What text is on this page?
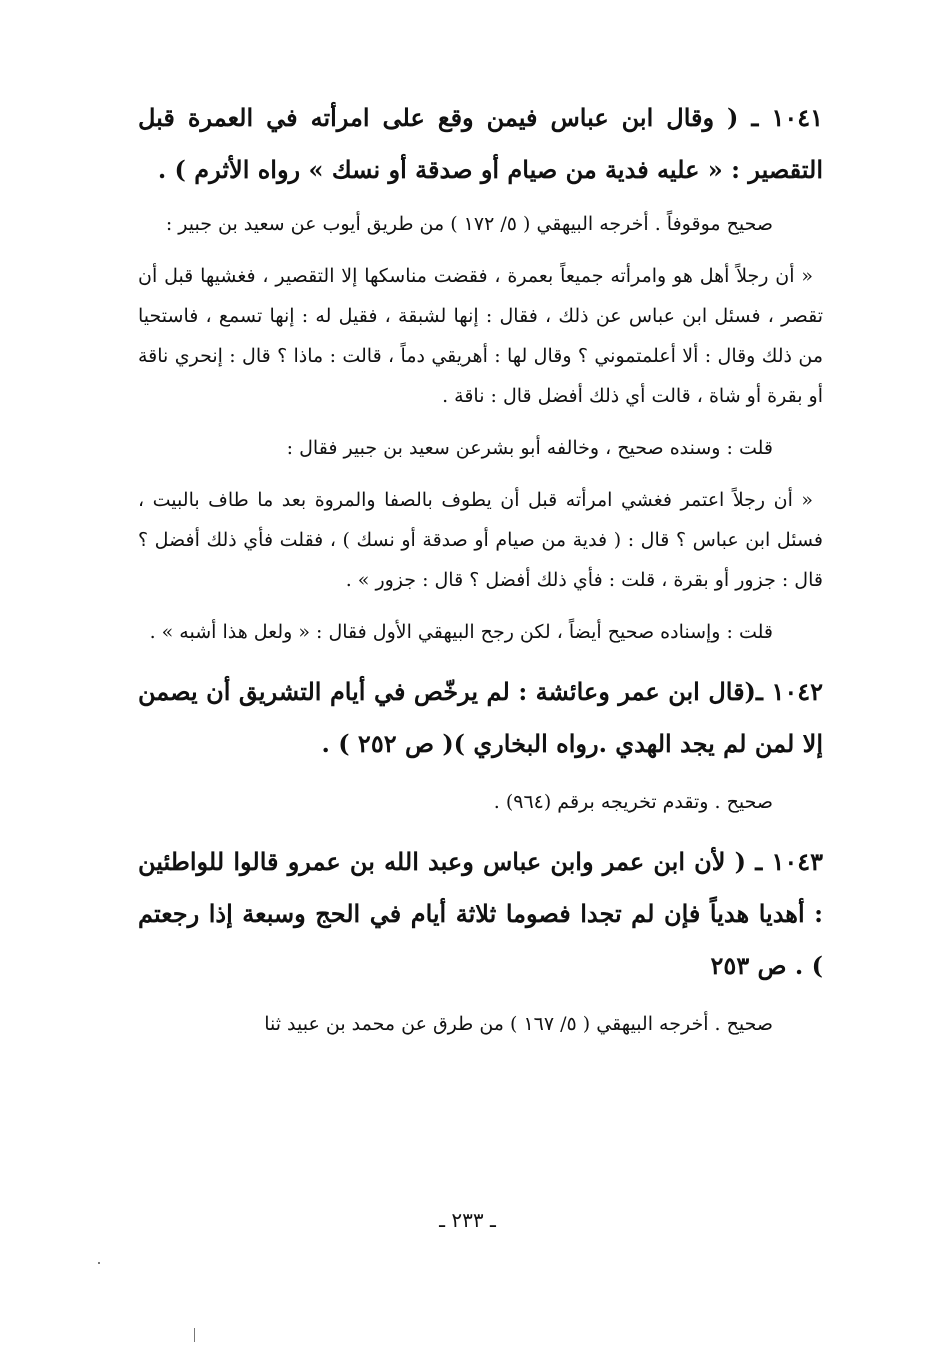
١٠٤١ ـ ( وقال ابن عباس فيمن وقع على امرأته في العمرة قبل التقصير : « عليه فدية من صيام أو صدقة أو نسك » رواه الأثرم ) .

صحيح موقوفاً . أخرجه البيهقي ( ٥/ ١٧٢ ) من طريق أيوب عن سعيد بن جبير :

« أن رجلاً أهل هو وامرأته جميعاً بعمرة ، فقضت مناسكها إلا التقصير ، فغشيها قبل أن تقصر ، فسئل ابن عباس عن ذلك ، فقال : إنها لشبقة ، فقيل له : إنها تسمع ، فاستحيا من ذلك وقال : ألا أعلمتموني ؟ وقال لها : أهريقي دماً ، قالت : ماذا ؟ قال : إنحري ناقة أو بقرة أو شاة ، قالت أي ذلك أفضل قال : ناقة .

قلت : وسنده صحيح ، وخالفه أبو بشرعن سعيد بن جبير فقال :

« أن رجلاً اعتمر فغشي امرأته قبل أن يطوف بالصفا والمروة بعد ما طاف بالبيت ، فسئل ابن عباس ؟ قال : ( فدية من صيام أو صدقة أو نسك ) ، فقلت فأي ذلك أفضل ؟ قال : جزور أو بقرة ، قلت : فأي ذلك أفضل ؟ قال : جزور » .

قلت : وإسناده صحيح أيضاً ، لكن رجح البيهقي الأول فقال : « ولعل هذا أشبه » .

١٠٤٢ ـ(قال ابن عمر وعائشة : لم يرخّص في أيام التشريق أن يصمن إلا لمن لم يجد الهدي .رواه البخاري )( ص ٢٥٢ ) .

صحيح . وتقدم تخريجه برقم (٩٦٤) .

١٠٤٣ ـ ( لأن ابن عمر وابن عباس وعبد الله بن عمرو قالوا للواطئين : أهديا هدياً فإن لم تجدا فصوما ثلاثة أيام في الحج وسبعة إذا رجعتم ) . ص ٢٥٣

صحيح . أخرجه البيهقي ( ٥/ ١٦٧ ) من طرق عن محمد بن عبيد ثنا

ـ ٢٣٣ ـ
